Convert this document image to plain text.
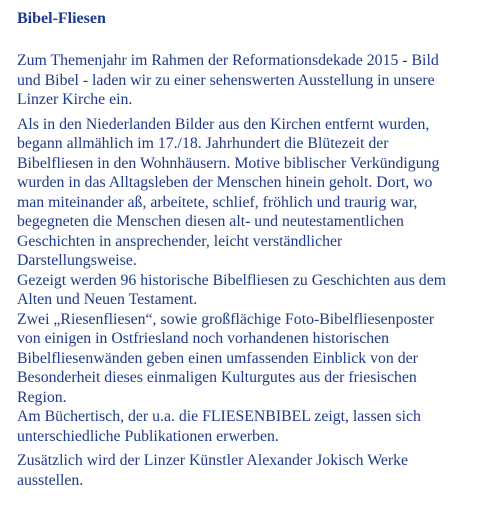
Bibel-Fliesen

Zum Themenjahr im Rahmen der Reformationsdekade 2015 - Bild
und Bibel - laden wir zu einer sehenswerten Ausstellung in unsere
Linzer Kirche ein.

Als in den Niederlanden Bilder aus den Kirchen entfernt wurden,
begann allmählich im 17./18. Jahrhundert die Blütezeit der
Bibelfliesen in den Wohnhäusern. Motive biblischer Verkündigung
wurden in das Alltagsleben der Menschen hinein geholt. Dort, wo
man miteinander aß, arbeitete, schlief, fröhlich und traurig war,
begegneten die Menschen diesen alt- und neutestamentlichen
Geschichten in ansprechender, leicht verständlicher
Darstellungsweise.
Gezeigt werden 96 historische Bibelfliesen zu Geschichten aus dem
Alten und Neuen Testament.
Zwei „Riesenfliesen“, sowie großflächige Foto-Bibelfliesenposter
von einigen in Ostfriesland noch vorhandenen historischen
Bibelfliesenwänden geben einen umfassenden Einblick von der
Besonderheit dieses einmaligen Kulturgutes aus der friesischen
Region.
Am Büchertisch, der u.a. die FLIESENBIBEL zeigt, lassen sich
unterschiedliche Publikationen erwerben.

Zusätzlich wird der Linzer Künstler Alexander Jokisch Werke
ausstellen.
